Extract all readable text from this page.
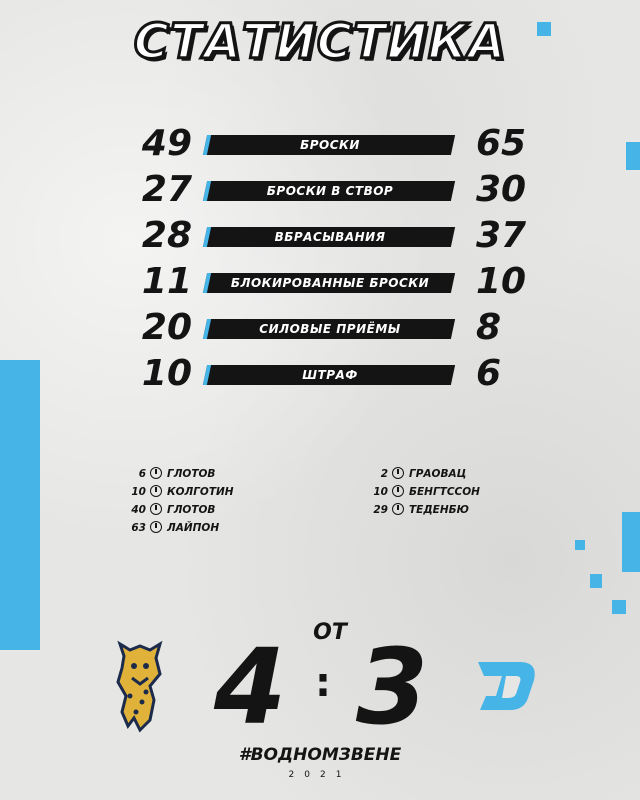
СТАТИСТИКА
49	БРОСКИ	65
27	БРОСКИ В СТВОР	30
28	ВБРАСЫВАНИЯ	37
11	БЛОКИРОВАННЫЕ БРОСКИ	10
20	СИЛОВЫЕ ПРИЁМЫ	8
10	ШТРАФ	6
6 ГЛОТОВ
10 КОЛГОТИН
40 ГЛОТОВ
63 ЛАЙПОН
2 ГРАОВАЦ
10 БЕНГТССОН
29 ТЕДЕНБЮ
ОТ
4 : 3
#ВОДНОМЗВЕНЕ
2021
